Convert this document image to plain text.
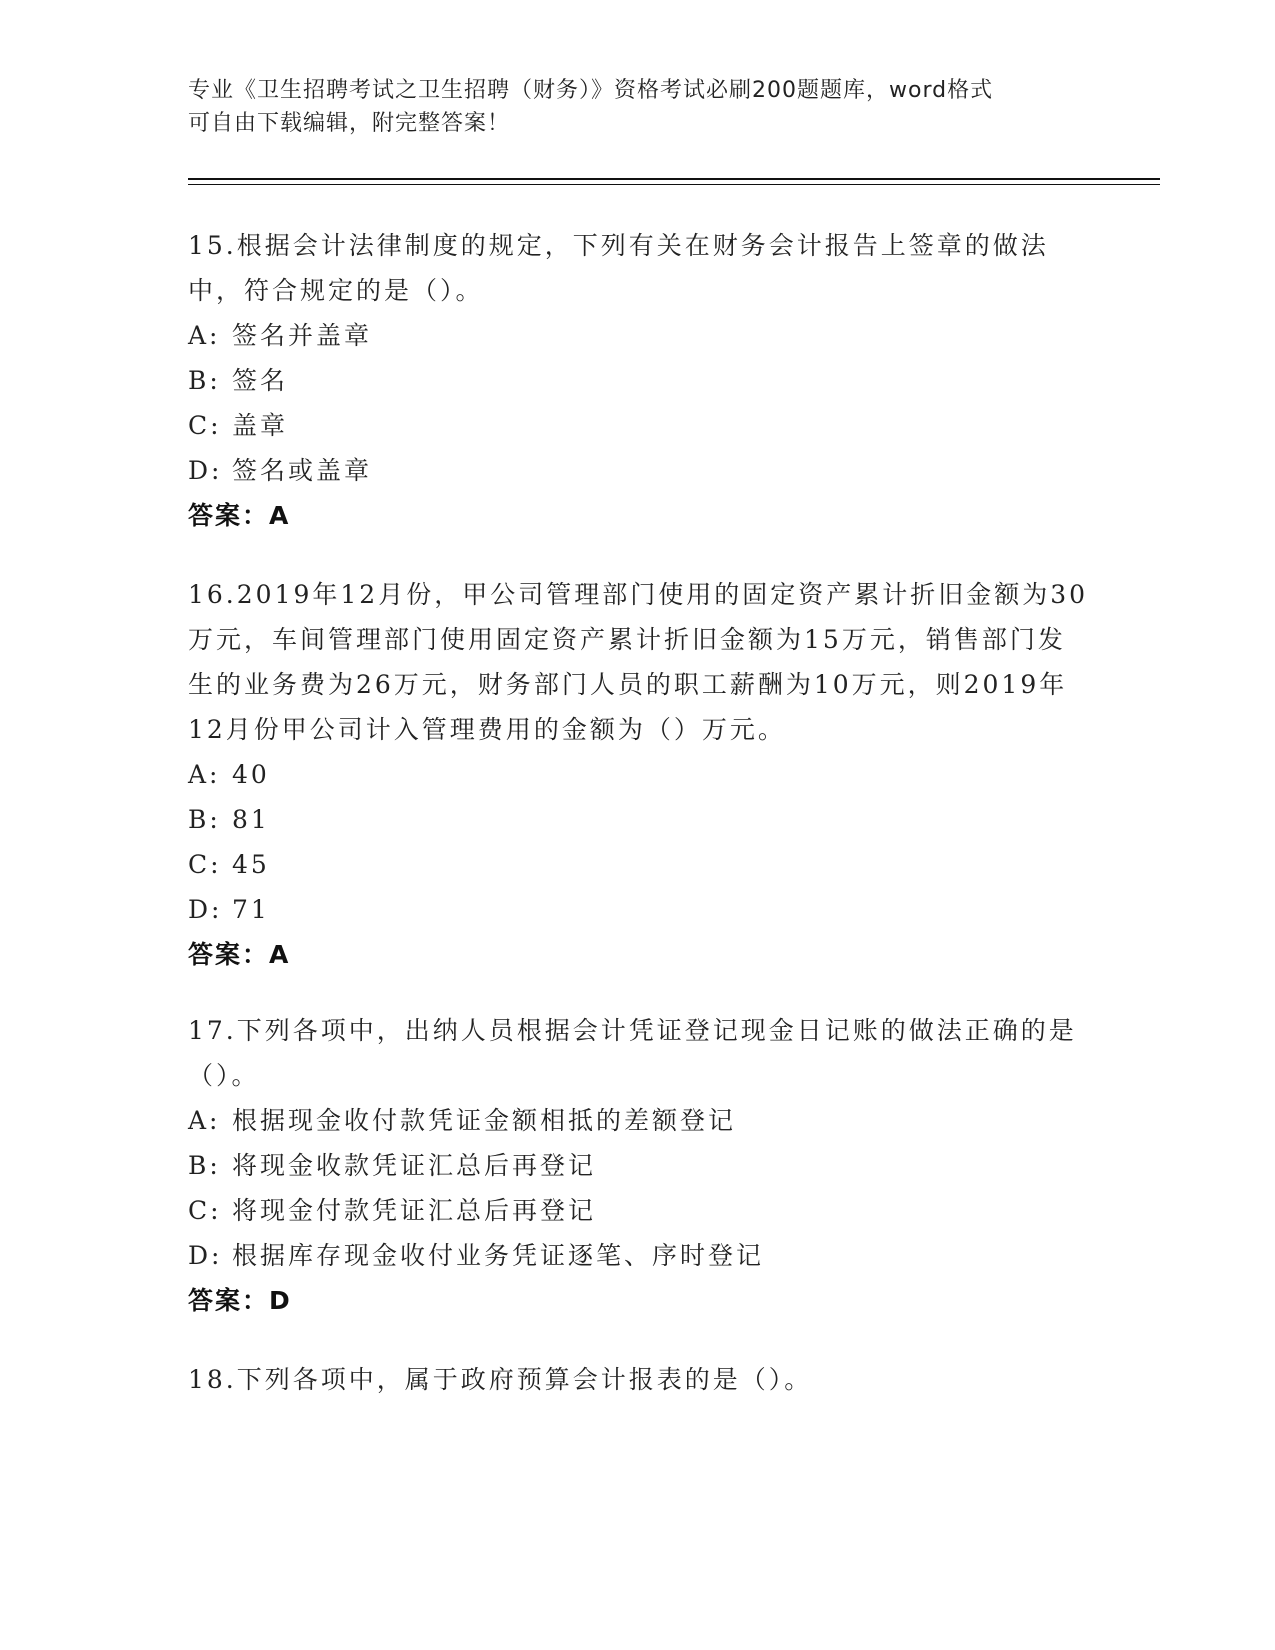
专业《卫生招聘考试之卫生招聘（财务）》资格考试必刷200题题库，word格式
可自由下载编辑，附完整答案！

15.根据会计法律制度的规定，下列有关在财务会计报告上签章的做法中，符合规定的是（）。

A: 签名并盖章

B: 签名

C: 盖章

D: 签名或盖章

答案：A

16.2019年12月份，甲公司管理部门使用的固定资产累计折旧金额为30万元，车间管理部门使用固定资产累计折旧金额为15万元，销售部门发生的业务费为26万元，财务部门人员的职工薪酬为10万元，则2019年12月份甲公司计入管理费用的金额为（）万元。

A: 40

B: 81

C: 45

D: 71

答案：A

17.下列各项中，出纳人员根据会计凭证登记现金日记账的做法正确的是（）。

A: 根据现金收付款凭证金额相抵的差额登记

B: 将现金收款凭证汇总后再登记

C: 将现金付款凭证汇总后再登记

D: 根据库存现金收付业务凭证逐笔、序时登记

答案：D

18.下列各项中，属于政府预算会计报表的是（）。
